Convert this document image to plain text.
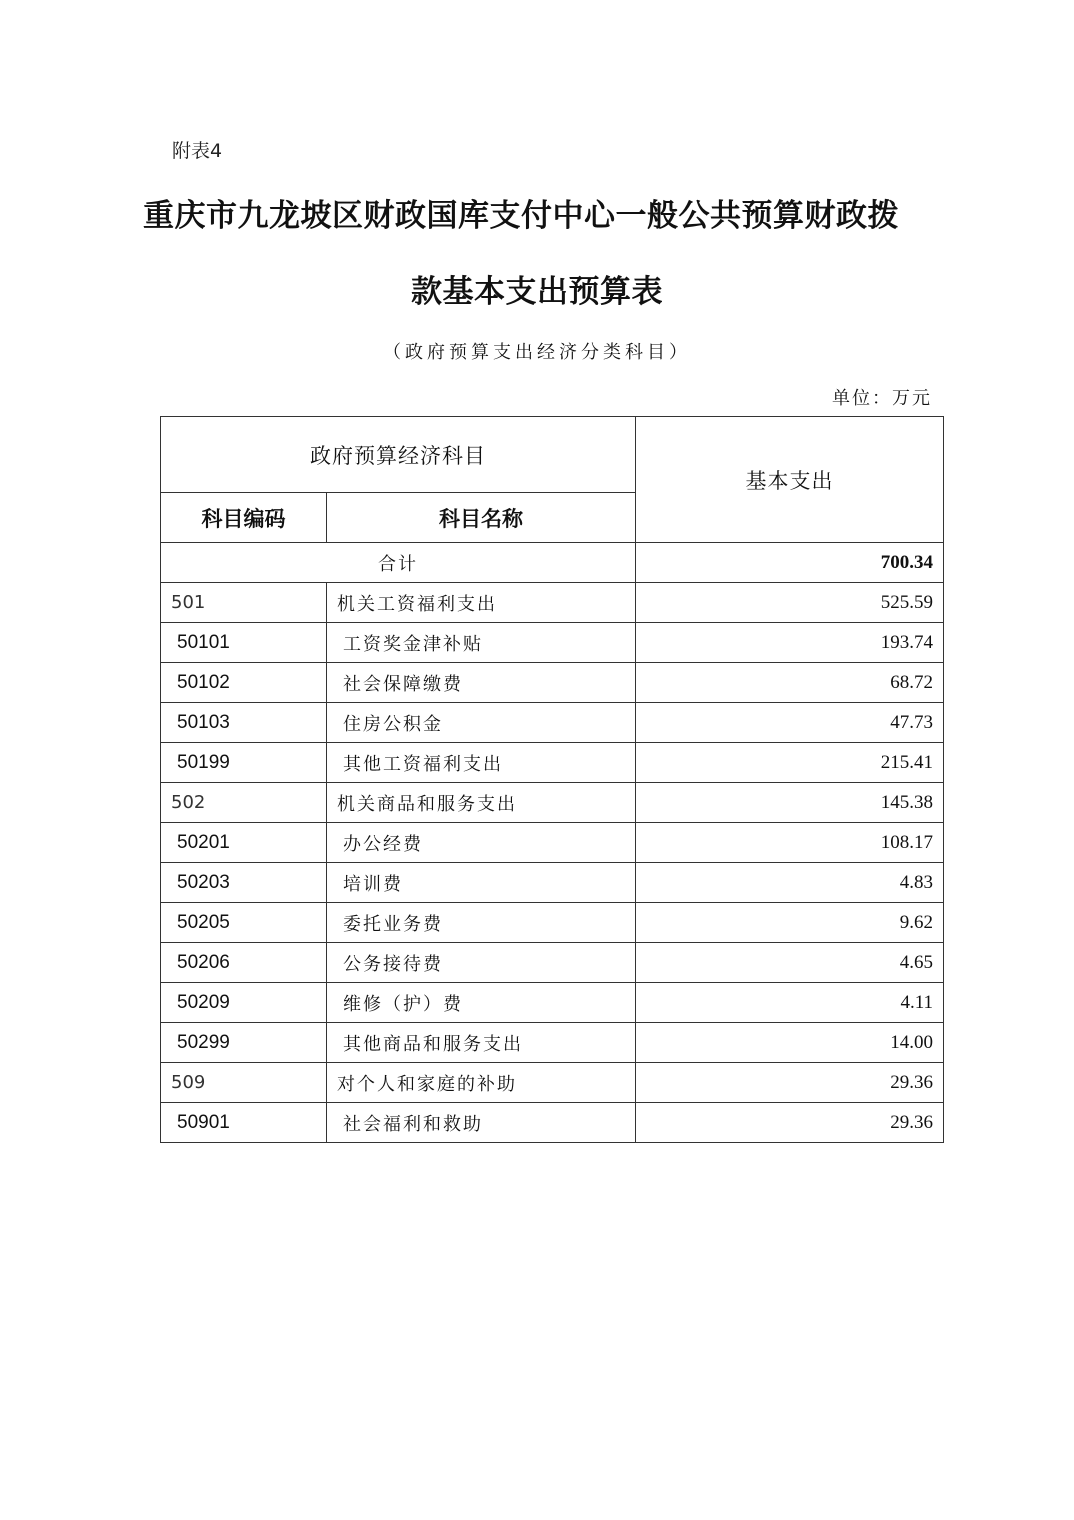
附表4
重庆市九龙坡区财政国库支付中心一般公共预算财政拨
款基本支出预算表
（政府预算支出经济分类科目）
单位：万元
政府预算经济科目		基本支出
科目编码	科目名称	
合计		700.34
501	机关工资福利支出	525.59
50101	工资奖金津补贴	193.74
50102	社会保障缴费	68.72
50103	住房公积金	47.73
50199	其他工资福利支出	215.41
502	机关商品和服务支出	145.38
50201	办公经费	108.17
50203	培训费	4.83
50205	委托业务费	9.62
50206	公务接待费	4.65
50209	维修（护）费	4.11
50299	其他商品和服务支出	14.00
509	对个人和家庭的补助	29.36
50901	社会福利和救助	29.36
